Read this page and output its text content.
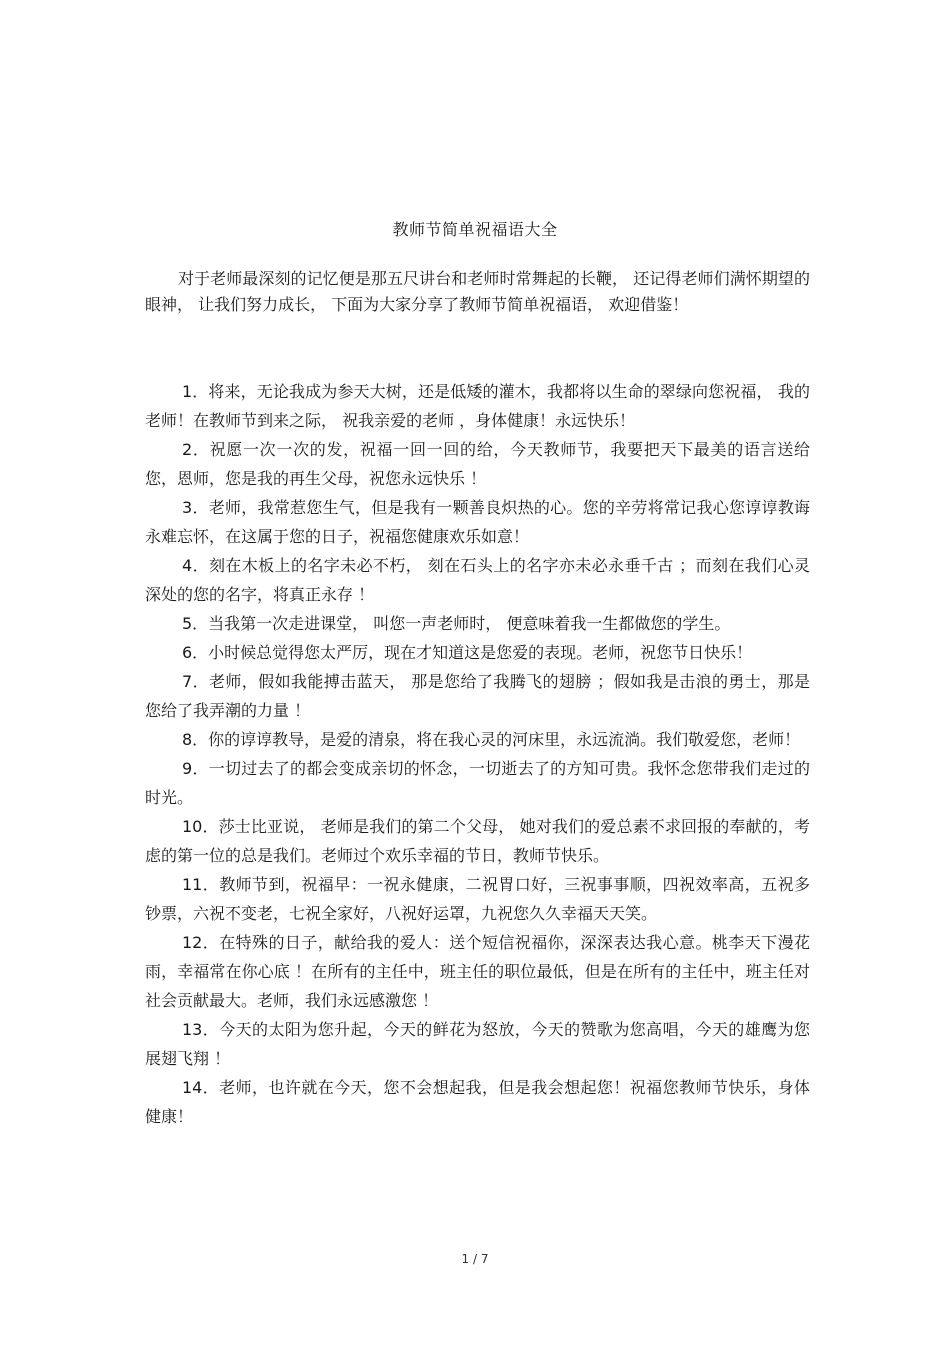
教师节简单祝福语大全

对于老师最深刻的记忆便是那五尺讲台和老师时常舞起的长鞭， 还记得老师们满怀期望的眼神， 让我们努力成长， 下面为大家分享了教师节简单祝福语， 欢迎借鉴！

1．将来，无论我成为参天大树，还是低矮的灌木，我都将以生命的翠绿向您祝福， 我的老师！在教师节到来之际， 祝我亲爱的老师 ，身体健康！永远快乐！
2．祝愿一次一次的发，祝福一回一回的给，今天教师节，我要把天下最美的语言送给您，恩师，您是我的再生父母，祝您永远快乐 ！
3．老师，我常惹您生气，但是我有一颗善良炽热的心。您的辛劳将常记我心您谆谆教诲永难忘怀，在这属于您的日子，祝福您健康欢乐如意！
4．刻在木板上的名字未必不朽， 刻在石头上的名字亦未必永垂千古 ；而刻在我们心灵深处的您的名字，将真正永存 ！
5．当我第一次走进课堂， 叫您一声老师时， 便意味着我一生都做您的学生。
6．小时候总觉得您太严厉，现在才知道这是您爱的表现。老师，祝您节日快乐！
7．老师，假如我能搏击蓝天， 那是您给了我腾飞的翅膀 ；假如我是击浪的勇士，那是您给了我弄潮的力量 ！
8．你的谆谆教导，是爱的清泉，将在我心灵的河床里，永远流淌。我们敬爱您，老师！
9．一切过去了的都会变成亲切的怀念，一切逝去了的方知可贵。我怀念您带我们走过的时光。
10．莎士比亚说， 老师是我们的第二个父母， 她对我们的爱总素不求回报的奉献的，考虑的第一位的总是我们。老师过个欢乐幸福的节日，教师节快乐。
11．教师节到，祝福早：一祝永健康，二祝胃口好，三祝事事顺，四祝效率高，五祝多钞票，六祝不变老，七祝全家好，八祝好运罩，九祝您久久幸福天天笑。
12．在特殊的日子，献给我的爱人：送个短信祝福你，深深表达我心意。桃李天下漫花雨，幸福常在你心底 ！在所有的主任中，班主任的职位最低，但是在所有的主任中，班主任对社会贡献最大。老师，我们永远感激您 ！
13．今天的太阳为您升起，今天的鲜花为怒放，今天的赞歌为您高唱，今天的雄鹰为您展翅飞翔 ！
14．老师，也许就在今天，您不会想起我，但是我会想起您！祝福您教师节快乐，身体健康！
1 / 7
